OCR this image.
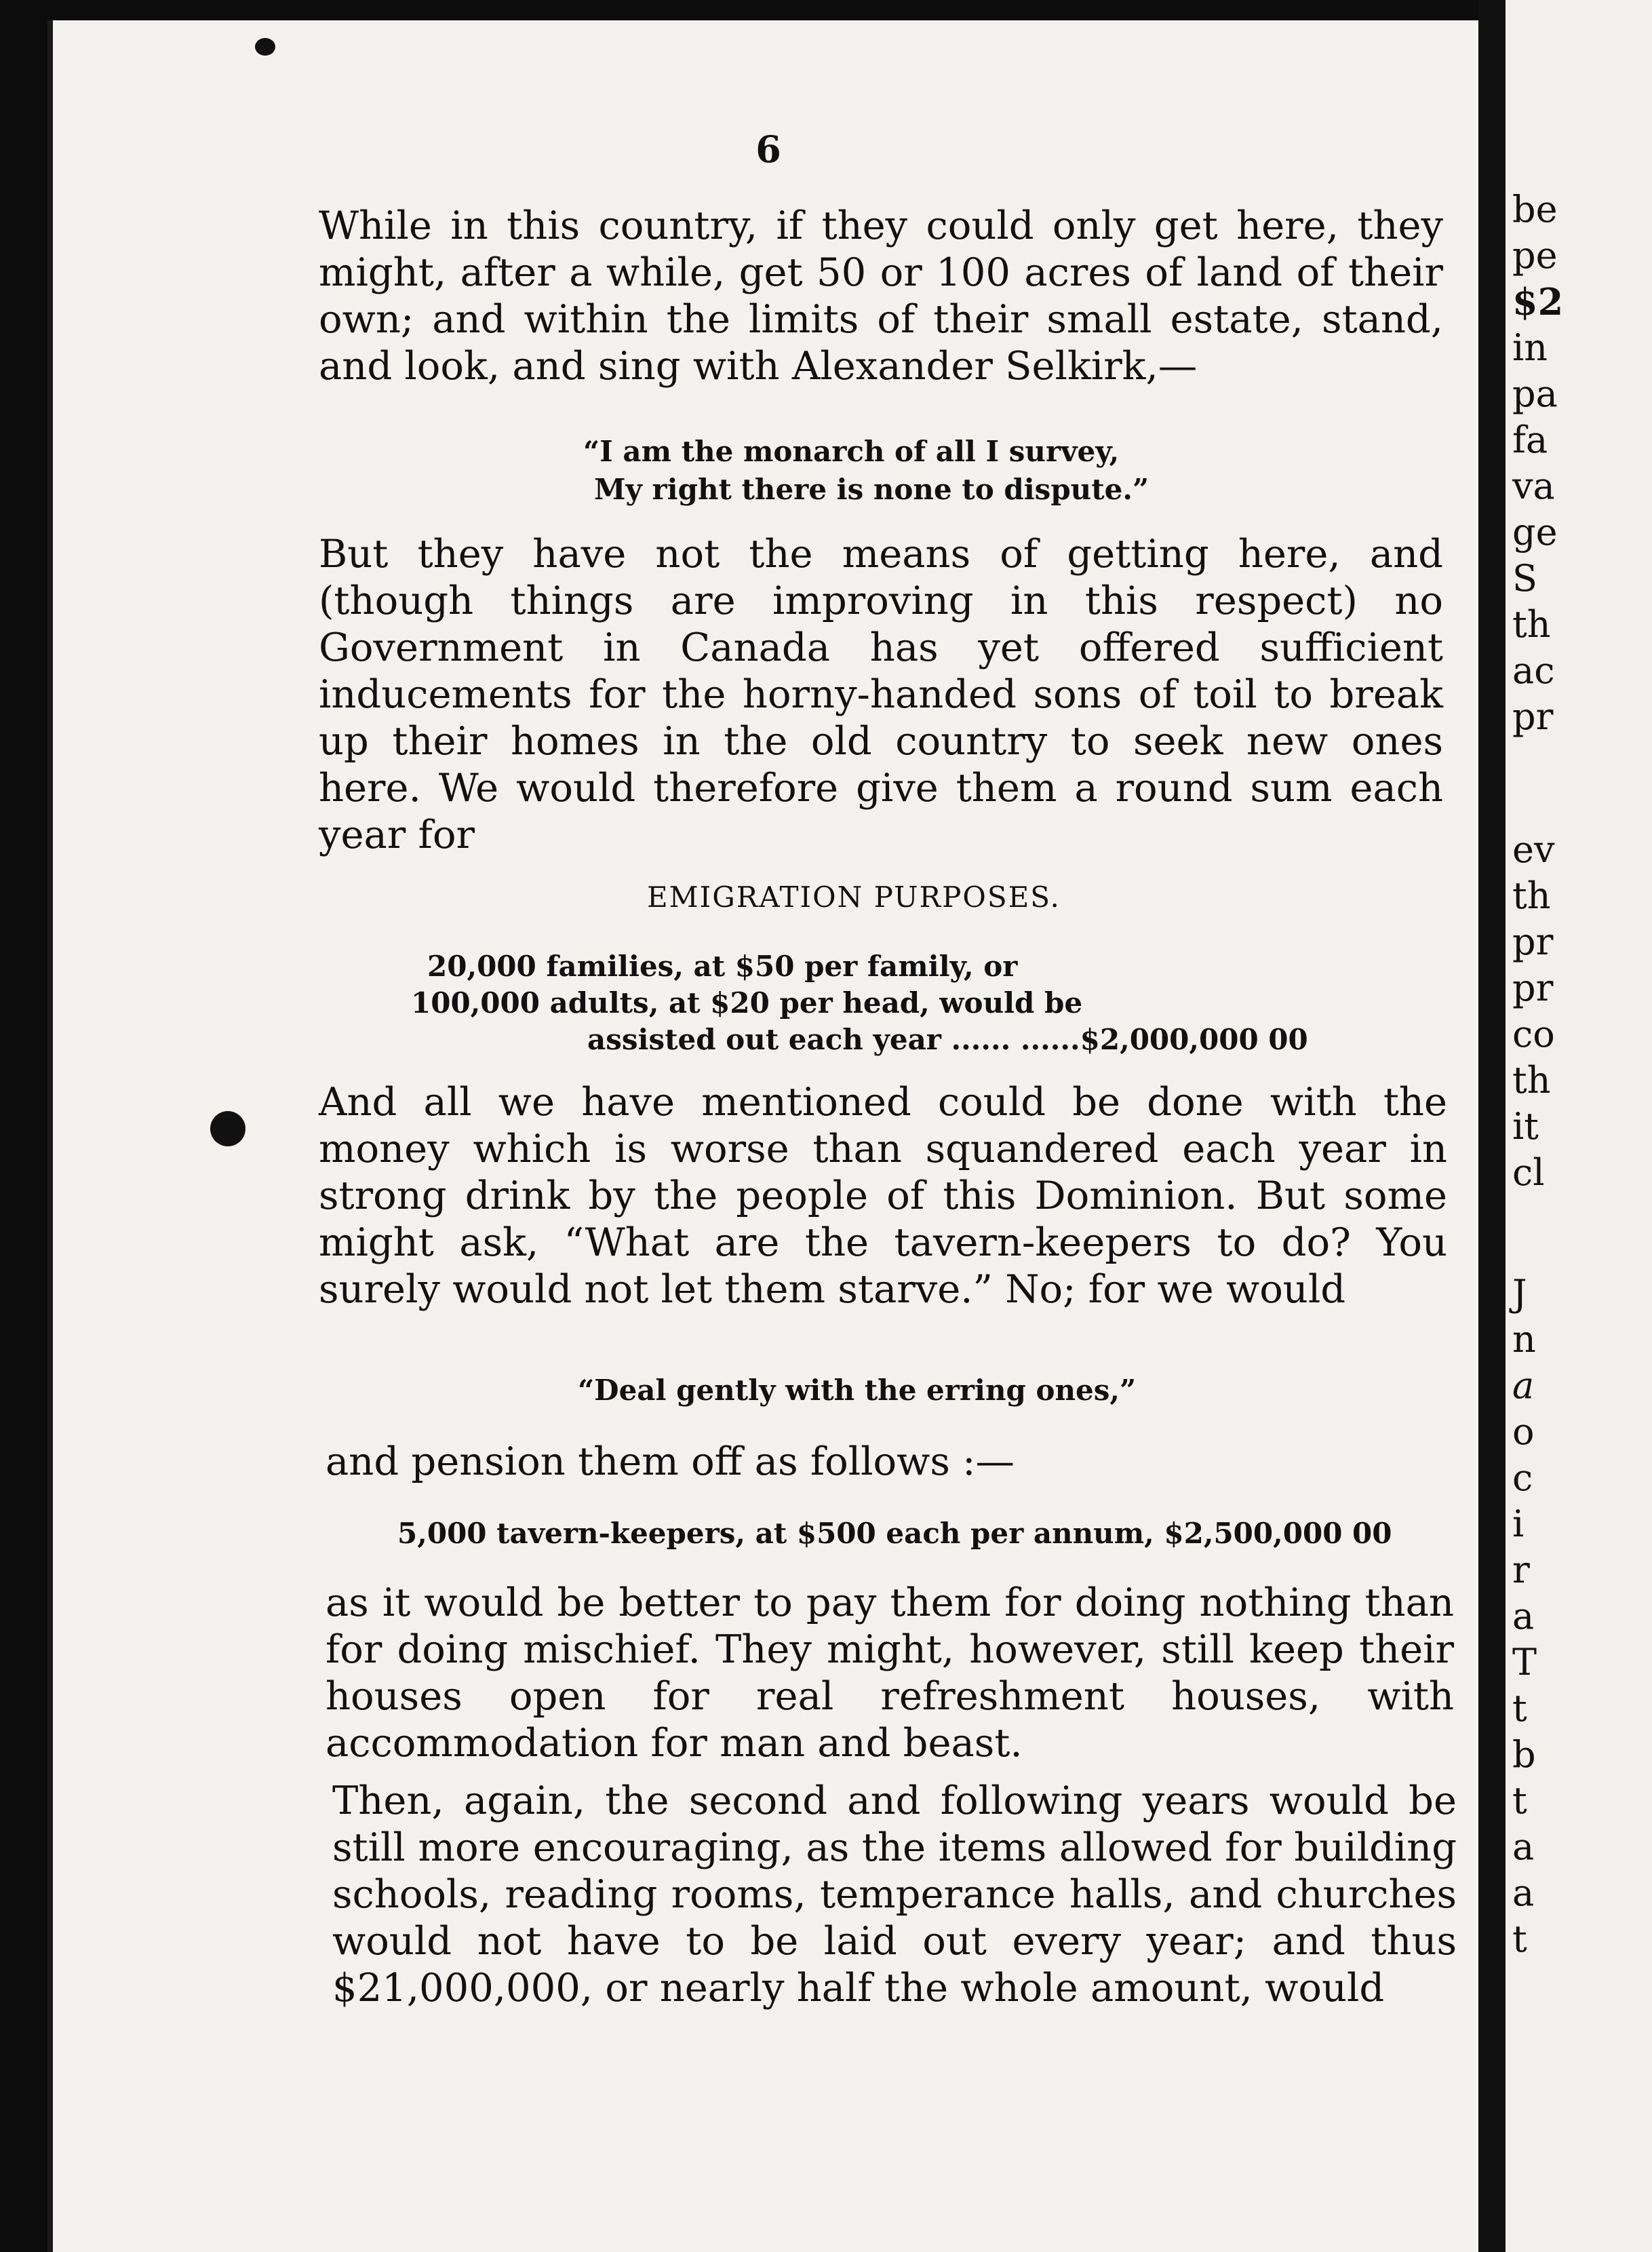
6

While in this country, if they could only get here, they might, after a while, get 50 or 100 acres of land of their own; and within the limits of their small estate, stand, and look, and sing with Alexander Selkirk,—

“I am the monarch of all I survey,
My right there is none to dispute.”

But they have not the means of getting here, and (though things are improving in this respect) no Government in Canada has yet offered sufficient inducements for the horny-handed sons of toil to break up their homes in the old country to seek new ones here. We would therefore give them a round sum each year for

EMIGRATION PURPOSES.
20,000 families, at $50 per family, or
100,000 adults, at $20 per head, would be
assisted out each year ...... ......$2,000,000 00

And all we have mentioned could be done with the money which is worse than squandered each year in strong drink by the people of this Dominion. But some might ask, “What are the tavern-keepers to do? You surely would not let them starve.” No; for we would

“Deal gently with the erring ones,”

and pension them off as follows :—

5,000 tavern-keepers, at $500 each per annum, $2,500,000 00

as it would be better to pay them for doing nothing than for doing mischief. They might, however, still keep their houses open for real refreshment houses, with accommodation for man and beast.

Then, again, the second and following years would be still more encouraging, as the items allowed for building schools, reading rooms, temperance halls, and churches would not have to be laid out every year; and thus $21,000,000, or nearly half the whole amount, would

be
pe
$2
in
pa
fa
va
ge
S
th
ac
pr
ev
th
pr
pr
co
th
it
cl
J
n
a
o
c
i
r
a
T
t
b
t
a
a
t
